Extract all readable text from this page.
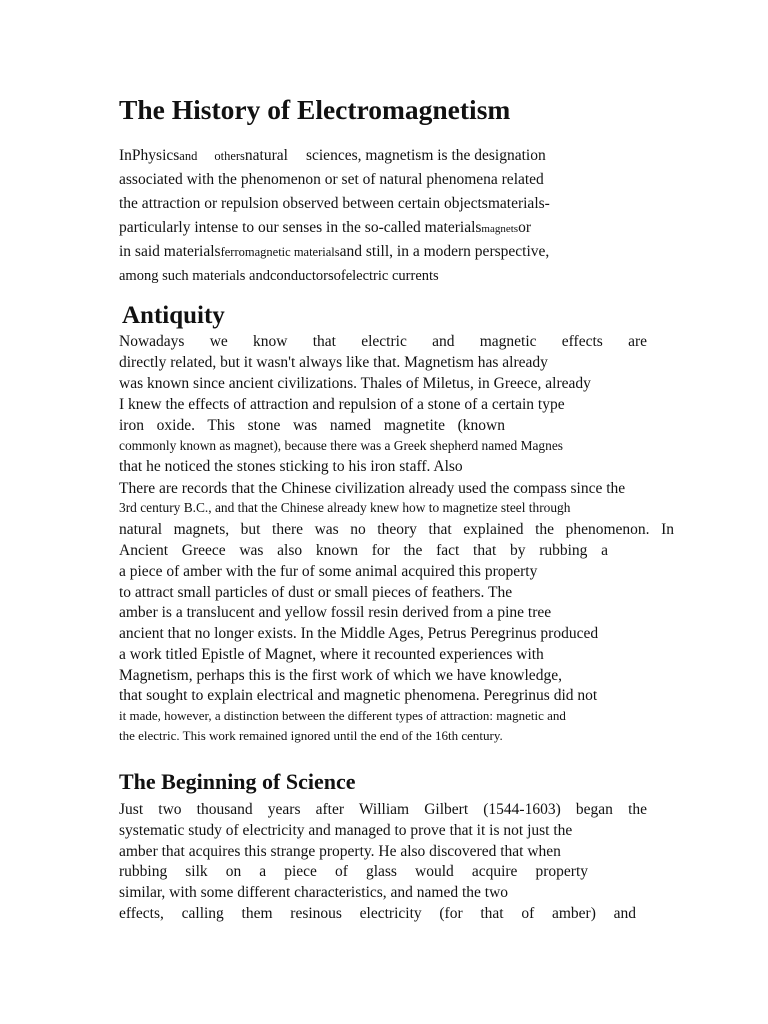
The History of Electromagnetism
InPhysicsand othersnatural sciences, magnetism is the designation
associated with the phenomenon or set of natural phenomena related
the attraction or repulsion observed between certain objectsmaterials-
particularly intense to our senses in the so-called materialsmagnetsor
in said materialsferromagnetic materialsand still, in a modern perspective,
among such materials andconductorsofelectric currents
Antiquity
Nowadays we know that electric and magnetic effects are
directly related, but it wasn't always like that. Magnetism has already
was known since ancient civilizations. Thales of Miletus, in Greece, already
I knew the effects of attraction and repulsion of a stone of a certain type
iron oxide. This stone was named magnetite (known
commonly known as magnet), because there was a Greek shepherd named Magnes
that he noticed the stones sticking to his iron staff. Also
There are records that the Chinese civilization already used the compass since the
3rd century B.C., and that the Chinese already knew how to magnetize steel through
natural magnets, but there was no theory that explained the phenomenon. In
Ancient Greece was also known for the fact that by rubbing a
a piece of amber with the fur of some animal acquired this property
to attract small particles of dust or small pieces of feathers. The
amber is a translucent and yellow fossil resin derived from a pine tree
ancient that no longer exists. In the Middle Ages, Petrus Peregrinus produced
a work titled Epistle of Magnet, where it recounted experiences with
Magnetism, perhaps this is the first work of which we have knowledge,
that sought to explain electrical and magnetic phenomena. Peregrinus did not
it made, however, a distinction between the different types of attraction: magnetic and
the electric. This work remained ignored until the end of the 16th century.
The Beginning of Science
Just two thousand years after William Gilbert (1544-1603) began the
systematic study of electricity and managed to prove that it is not just the
amber that acquires this strange property. He also discovered that when
rubbing silk on a piece of glass would acquire property
similar, with some different characteristics, and named the two
effects, calling them resinous electricity (for that of amber) and
